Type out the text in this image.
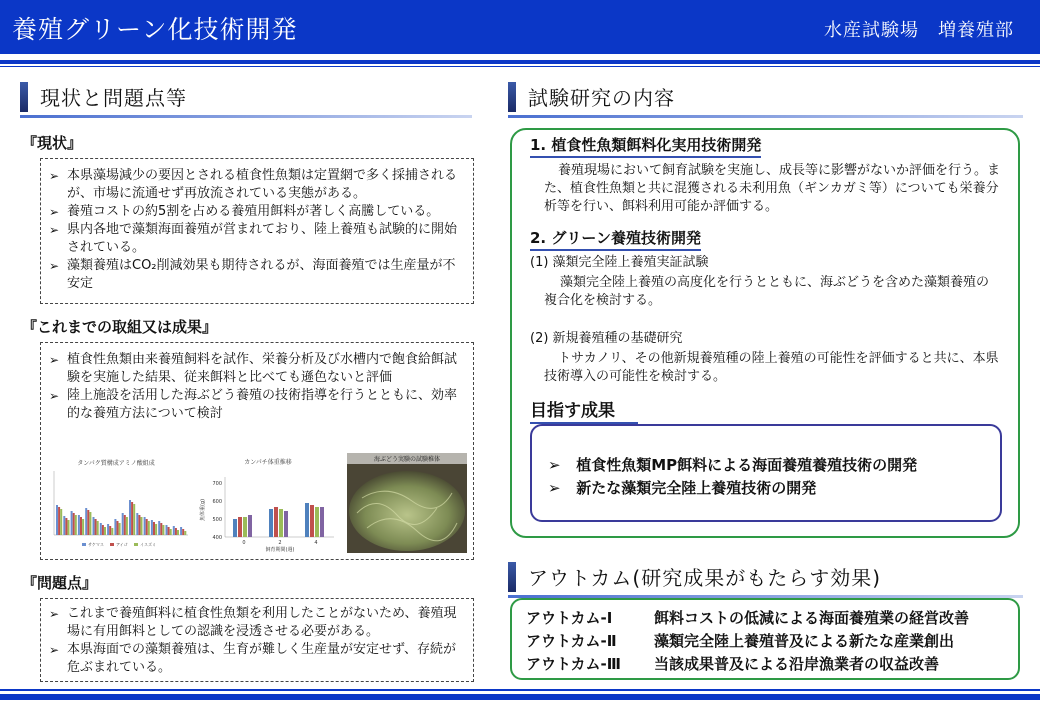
養殖グリーン化技術開発	水産試験場　増養殖部
現状と問題点等
『現状』
➢ 本県藻場減少の要因とされる植食性魚類は定置網で多く採捕されるが、市場に流通せず再放流されている実態がある。
➢ 養殖コストの約5割を占める養殖用餌料が著しく高騰している。
➢ 県内各地で藻類海面養殖が営まれており、陸上養殖も試験的に開始されている。
➢ 藻類養殖はCO₂削減効果も期待されるが、海面養殖では生産量が不安定
『これまでの取組又は成果』
➢ 植食性魚類由来養殖飼料を試作、栄養分析及び水槽内で飽食給餌試験を実施した結果、従来餌料と比べても遜色ないと評価
➢ 陸上施設を活用した海ぶどう養殖の技術指導を行うとともに、効率的な養殖方法について検討
タンパク質構成アミノ酸組成
サケマス	アイゴ	イスズミ
カンパチ体重推移
魚体重(g)
700
600
500
400
0	2	4
飼育期間(週)
海ぶどう実験の試験稚体
『問題点』
➢ これまで養殖餌料に植食性魚類を利用したことがないため、養殖現場に有用餌料としての認識を浸透させる必要がある。
➢ 本県海面での藻類養殖は、生育が難しく生産量が安定せず、存続が危ぶまれている。
試験研究の内容
1. 植食性魚類餌料化実用技術開発
養殖現場において飼育試験を実施し、成長等に影響がないか評価を行う。また、植食性魚類と共に混獲される未利用魚（ギンカガミ等）についても栄養分析等を行い、餌料利用可能か評価する。
2. グリーン養殖技術開発
(1) 藻類完全陸上養殖実証試験
藻類完全陸上養殖の高度化を行うとともに、海ぶどうを含めた藻類養殖の複合化を検討する。
(2) 新規養殖種の基礎研究
トサカノリ、その他新規養殖種の陸上養殖の可能性を評価すると共に、本県技術導入の可能性を検討する。
目指す成果
➢ 植食性魚類MP餌料による海面養殖養殖技術の開発
➢ 新たな藻類完全陸上養殖技術の開発
アウトカム(研究成果がもたらす効果)
アウトカム-Ⅰ	餌料コストの低減による海面養殖業の経営改善
アウトカム-Ⅱ 藻類完全陸上養殖普及による新たな産業創出
アウトカム-Ⅲ 当該成果普及による沿岸漁業者の収益改善
